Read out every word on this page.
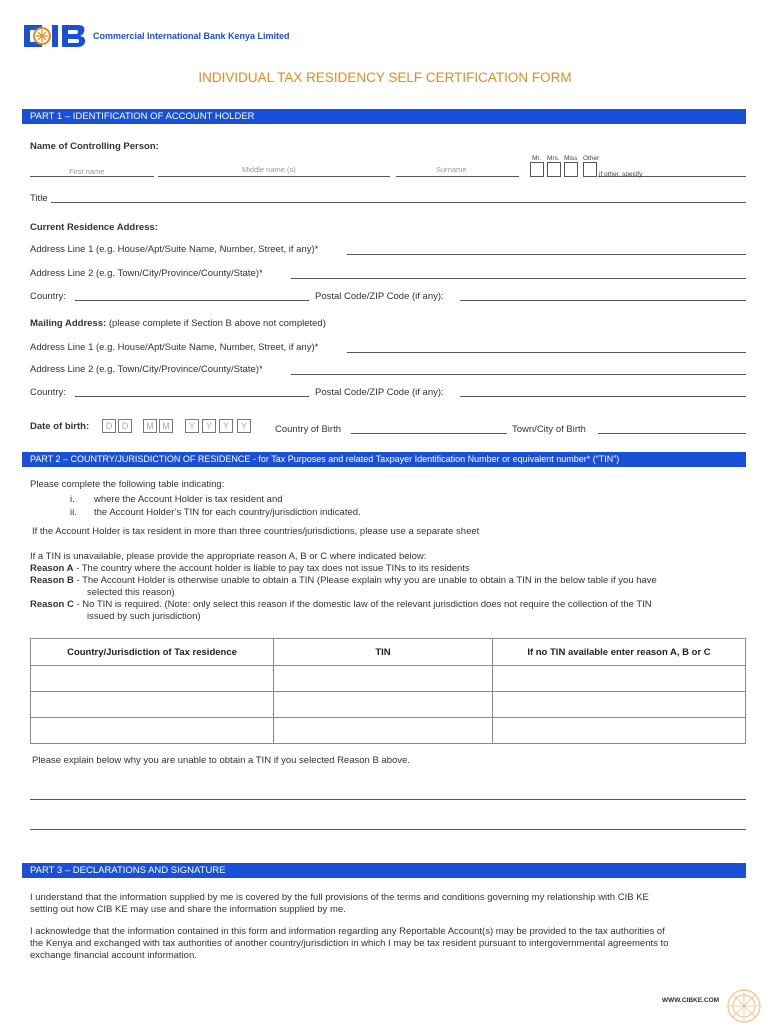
Commercial International Bank Kenya Limited
INDIVIDUAL TAX RESIDENCY SELF CERTIFICATION FORM
PART 1 – IDENTIFICATION OF ACCOUNT HOLDER
Name of Controlling Person:
Mr. Mrs. Miss Other
First name	Middle name (s)	Surname
if other, specify
Title
Current Residence Address:
Address Line 1 (e.g. House/Apt/Suite Name, Number, Street, if any)*
Address Line 2 (e.g. Town/City/Province/County/State)*
Country:	Postal Code/ZIP Code (if any):
Mailing Address: (please complete if Section B above not completed)
Address Line 1 (e.g. House/Apt/Suite Name, Number, Street, if any)*
Address Line 2 (e.g. Town/City/Province/County/State)*
Country:	Postal Code/ZIP Code (if any):
Date of birth:	D	D	M M	Y	Y	Y	Y	Country of Birth	Town/City of Birth
PART 2 – COUNTRY/JURISDICTION OF RESIDENCE - for Tax Purposes and related Taxpayer Identification Number or equivalent number* (“TIN”)
Please complete the following table indicating:
i. where the Account Holder is tax resident and
ii. the Account Holder’s TIN for each country/jurisdiction indicated.
If the Account Holder is tax resident in more than three countries/jurisdictions, please use a separate sheet
If a TIN is unavailable, please provide the appropriate reason A, B or C where indicated below:
Reason A - The country where the account holder is liable to pay tax does not issue TINs to its residents
Reason B - The Account Holder is otherwise unable to obtain a TIN (Please explain why you are unable to obtain a TIN in the below table if you have
selected this reason)
Reason C - No TIN is required. (Note: only select this reason if the domestic law of the relevant jurisdiction does not require the collection of the TIN
issued by such jurisdiction)
Country/Jurisdiction of Tax residence	TIN	If no TIN available enter reason A, B or C

Please explain below why you are unable to obtain a TIN if you selected Reason B above.
PART 3 – DECLARATIONS AND SIGNATURE
I understand that the information supplied by me is covered by the full provisions of the terms and conditions governing my relationship with CIB KE
setting out how CIB KE may use and share the information supplied by me.
I acknowledge that the information contained in this form and information regarding any Reportable Account(s) may be provided to the tax authorities of
the Kenya and exchanged with tax authorities of another country/jurisdiction in which I may be tax resident pursuant to intergovernmental agreements to
exchange financial account information.
WWW.CIBKE.COM
